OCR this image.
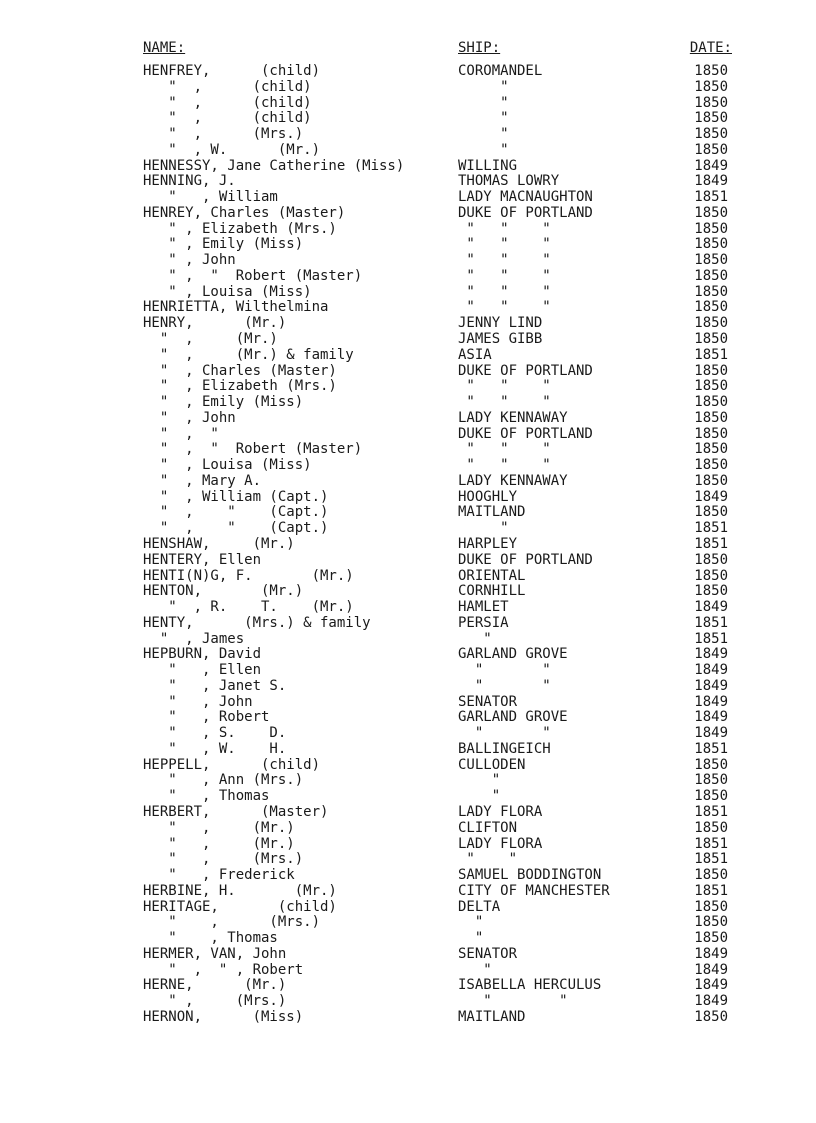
NAME:	SHIP:	DATE:
HENFREY,      (child)	COROMANDEL	1850
"  ,      (child)	"	1850
"  ,      (child)	"	1850
"  ,      (child)	"	1850
"  ,      (Mrs.)	"	1850
"  , W.      (Mr.)	"	1850
HENNESSY, Jane Catherine (Miss)	WILLING	1849
HENNING, J.	THOMAS LOWRY	1849
"   , William	LADY MACNAUGHTON	1851
HENREY, Charles (Master)	DUKE OF PORTLAND	1850
" , Elizabeth (Mrs.)	"   "    "	1850
" , Emily (Miss)	"   "    "	1850
" , John	"   "    "	1850
" ,  "  Robert (Master)	"   "    "	1850
" , Louisa (Miss)	"   "    "	1850
HENRIETTA, Wilthelmina	"   "    "	1850
HENRY,      (Mr.)	JENNY LIND	1850
"  ,     (Mr.)	JAMES GIBB	1850
"  ,     (Mr.) & family	ASIA	1851
"  , Charles (Master)	DUKE OF PORTLAND	1850
"  , Elizabeth (Mrs.)	"   "    "	1850
"  , Emily (Miss)	"   "    "	1850
"  , John	LADY KENNAWAY	1850
"  ,  "	DUKE OF PORTLAND	1850
"  ,  "  Robert (Master)	"   "    "	1850
"  , Louisa (Miss)	"   "    "	1850
"  , Mary A.	LADY KENNAWAY	1850
"  , William (Capt.)	HOOGHLY	1849
"  ,    "    (Capt.)	MAITLAND	1850
"  ,    "    (Capt.)	"	1851
HENSHAW,     (Mr.)	HARPLEY	1851
HENTERY, Ellen	DUKE OF PORTLAND	1850
HENTI(N)G, F.       (Mr.)	ORIENTAL	1850
HENTON,       (Mr.)	CORNHILL	1850
"  , R.    T.    (Mr.)	HAMLET	1849
HENTY,      (Mrs.) & family	PERSIA	1851
"  , James	"	1851
HEPBURN, David	GARLAND GROVE	1849
"   , Ellen	"       "	1849
"   , Janet S.	"       "	1849
"   , John	SENATOR	1849
"   , Robert	GARLAND GROVE	1849
"   , S.    D.	"       "	1849
"   , W.    H.	BALLINGEICH	1851
HEPPELL,      (child)	CULLODEN	1850
"   , Ann (Mrs.)	"	1850
"   , Thomas	"	1850
HERBERT,      (Master)	LADY FLORA	1851
"   ,     (Mr.)	CLIFTON	1850
"   ,     (Mr.)	LADY FLORA	1851
"   ,     (Mrs.)	"    "	1851
"   , Frederick	SAMUEL BODDINGTON	1850
HERBINE, H.       (Mr.)	CITY OF MANCHESTER	1851
HERITAGE,       (child)	DELTA	1850
"    ,      (Mrs.)	"	1850
"    , Thomas	"	1850
HERMER, VAN, John	SENATOR	1849
"  ,  " , Robert	"	1849
HERNE,      (Mr.)	ISABELLA HERCULUS	1849
" ,     (Mrs.)	"        "	1849
HERNON,      (Miss)	MAITLAND	1850
